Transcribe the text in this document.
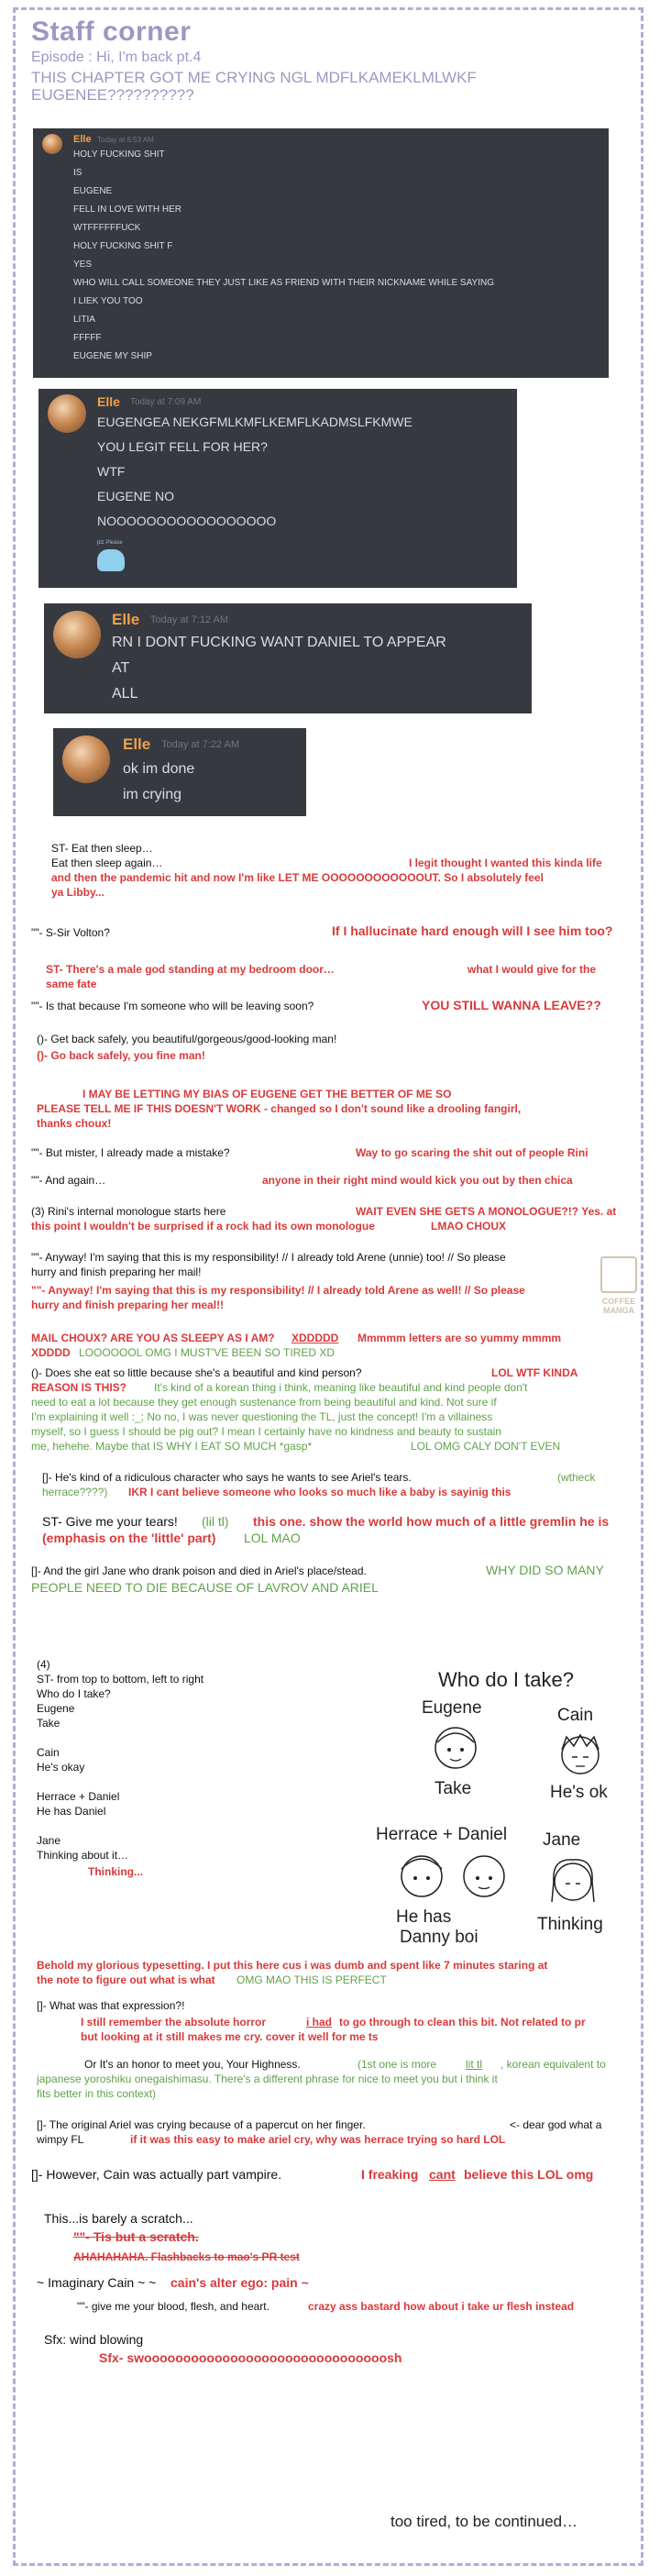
Staff corner
Episode : Hi, I'm back pt.4
THIS CHAPTER GOT ME CRYING NGL MDFLKAMEKLMLWKF
EUGENEE??????????
Elle Today at 6:53 AM
HOLY FUCKING SHIT
IS
EUGENE
FELL IN LOVE WITH HER
WTFFFFFFUCK
HOLY FUCKING SHIT F
YES
WHO WILL CALL SOMEONE THEY JUST LIKE AS FRIEND WITH THEIR NICKNAME WHILE SAYING
I LIEK YOU TOO
LITIA
FFFFF
EUGENE MY SHIP
Elle Today at 7:09 AM
EUGENGEA NEKGFMLKMFLKEMFLKADMSLFKMWE
YOU LEGIT FELL FOR HER?
WTF
EUGENE NO
NOOOOOOOOOOOOOOOOO
plz Please
Elle Today at 7:12 AM
RN I DONT FUCKING WANT DANIEL TO APPEAR
AT
ALL
Elle Today at 7:22 AM
ok im done
im crying
ST- Eat then sleep…
Eat then sleep again…	I legit thought I wanted this kinda life
and then the pandemic hit and now I'm like LET ME OOOOOOOOOOOOUT. So I absolutely feel
ya Libby...
""- S-Sir Volton?	If I hallucinate hard enough will I see him too?
ST- There's a male god standing at my bedroom door…	what I would give for the
same fate
""- Is that because I'm someone who will be leaving soon?	YOU STILL WANNA LEAVE??
()- Get back safely, you beautiful/gorgeous/good-looking man!
()- Go back safely, you fine man!
I MAY BE LETTING MY BIAS OF EUGENE GET THE BETTER OF ME SO
PLEASE TELL ME IF THIS DOESN'T WORK - changed so I don't sound like a drooling fangirl,
thanks choux!
""- But mister, I already made a mistake?	Way to go scaring the shit out of people Rini
""- And again…	anyone in their right mind would kick you out by then chica
(3) Rini's internal monologue starts here	WAIT EVEN SHE GETS A MONOLOGUE?!? Yes. at
this point I wouldn't be surprised if a rock had its own monologue	LMAO CHOUX
""- Anyway! I'm saying that this is my responsibility! // I already told Arene (unnie) too! // So please
hurry and finish preparing her mail!
""- Anyway! I'm saying that this is my responsibility! // I already told Arene as well! // So please
hurry and finish preparing her meal!!	COFFEE MANGA
MAIL CHOUX? ARE YOU AS SLEEPY AS I AM? XDDDDD Mmmmm letters are so yummy mmmm
XDDDD LOOOOOOL OMG I MUST'VE BEEN SO TIRED XD
()- Does she eat so little because she's a beautiful and kind person?	LOL WTF KINDA
REASON IS THIS? It's kind of a korean thing i think, meaning like beautiful and kind people don't
need to eat a lot because they get enough sustenance from being beautiful and kind. Not sure if
I'm explaining it well :_; No no, I was never questioning the TL, just the concept! I'm a villainess
myself, so I guess I should be pig out? I mean I certainly have no kindness and beauty to sustain
me, hehehe. Maybe that IS WHY I EAT SO MUCH *gasp*	LOL OMG CALY DON'T EVEN
[]- He's kind of a ridiculous character who says he wants to see Ariel's tears.	(wtheck
herrace????) IKR I cant believe someone who looks so much like a baby is sayinig this
ST- Give me your tears! (lil tl) this one. show the world how much of a little gremlin he is
(emphasis on the 'little' part) LOL MAO
[]- And the girl Jane who drank poison and died in Ariel's place/stead.	WHY DID SO MANY
PEOPLE NEED TO DIE BECAUSE OF LAVROV AND ARIEL
(4)
ST- from top to bottom, left to right
Who do I take?
Eugene
Take
Cain
He's okay
Herrace + Daniel
He has Daniel
Jane
Thinking about it…
Thinking...
Who do I take?
Eugene
Take
Cain
He's ok
Herrace + Daniel
He has
Danny boi
Jane
Thinking
Behold my glorious typesetting. I put this here cus i was dumb and spent like 7 minutes staring at
the note to figure out what is what OMG MAO THIS IS PERFECT
[]- What was that expression?!
I still remember the absolute horror	i had to go through to clean this bit. Not related to pr
but looking at it still makes me cry. cover it well for me ts
Or It's an honor to meet you, Your Highness.	(1st one is more	lit tl , korean equivalent to
japanese yoroshiku onegaishimasu. There's a different phrase for nice to meet you but i think it
fits better in this context)
[]- The original Ariel was crying because of a papercut on her finger.	<- dear god what a
wimpy FL	if it was this easy to make ariel cry, why was herrace trying so hard LOL
[]- However, Cain was actually part vampire.	I freaking cant believe this LOL omg
This...is barely a scratch...
""- Tis but a scratch.
AHAHAHAHA. Flashbacks to mao's PR test
~ Imaginary Cain ~ ~ cain's alter ego: pain ~
""- give me your blood, flesh, and heart.	crazy ass bastard how about i take ur flesh instead
Sfx: wind blowing
Sfx- swooooooooooooooooooooooooooooooosh
too tired, to be continued…
